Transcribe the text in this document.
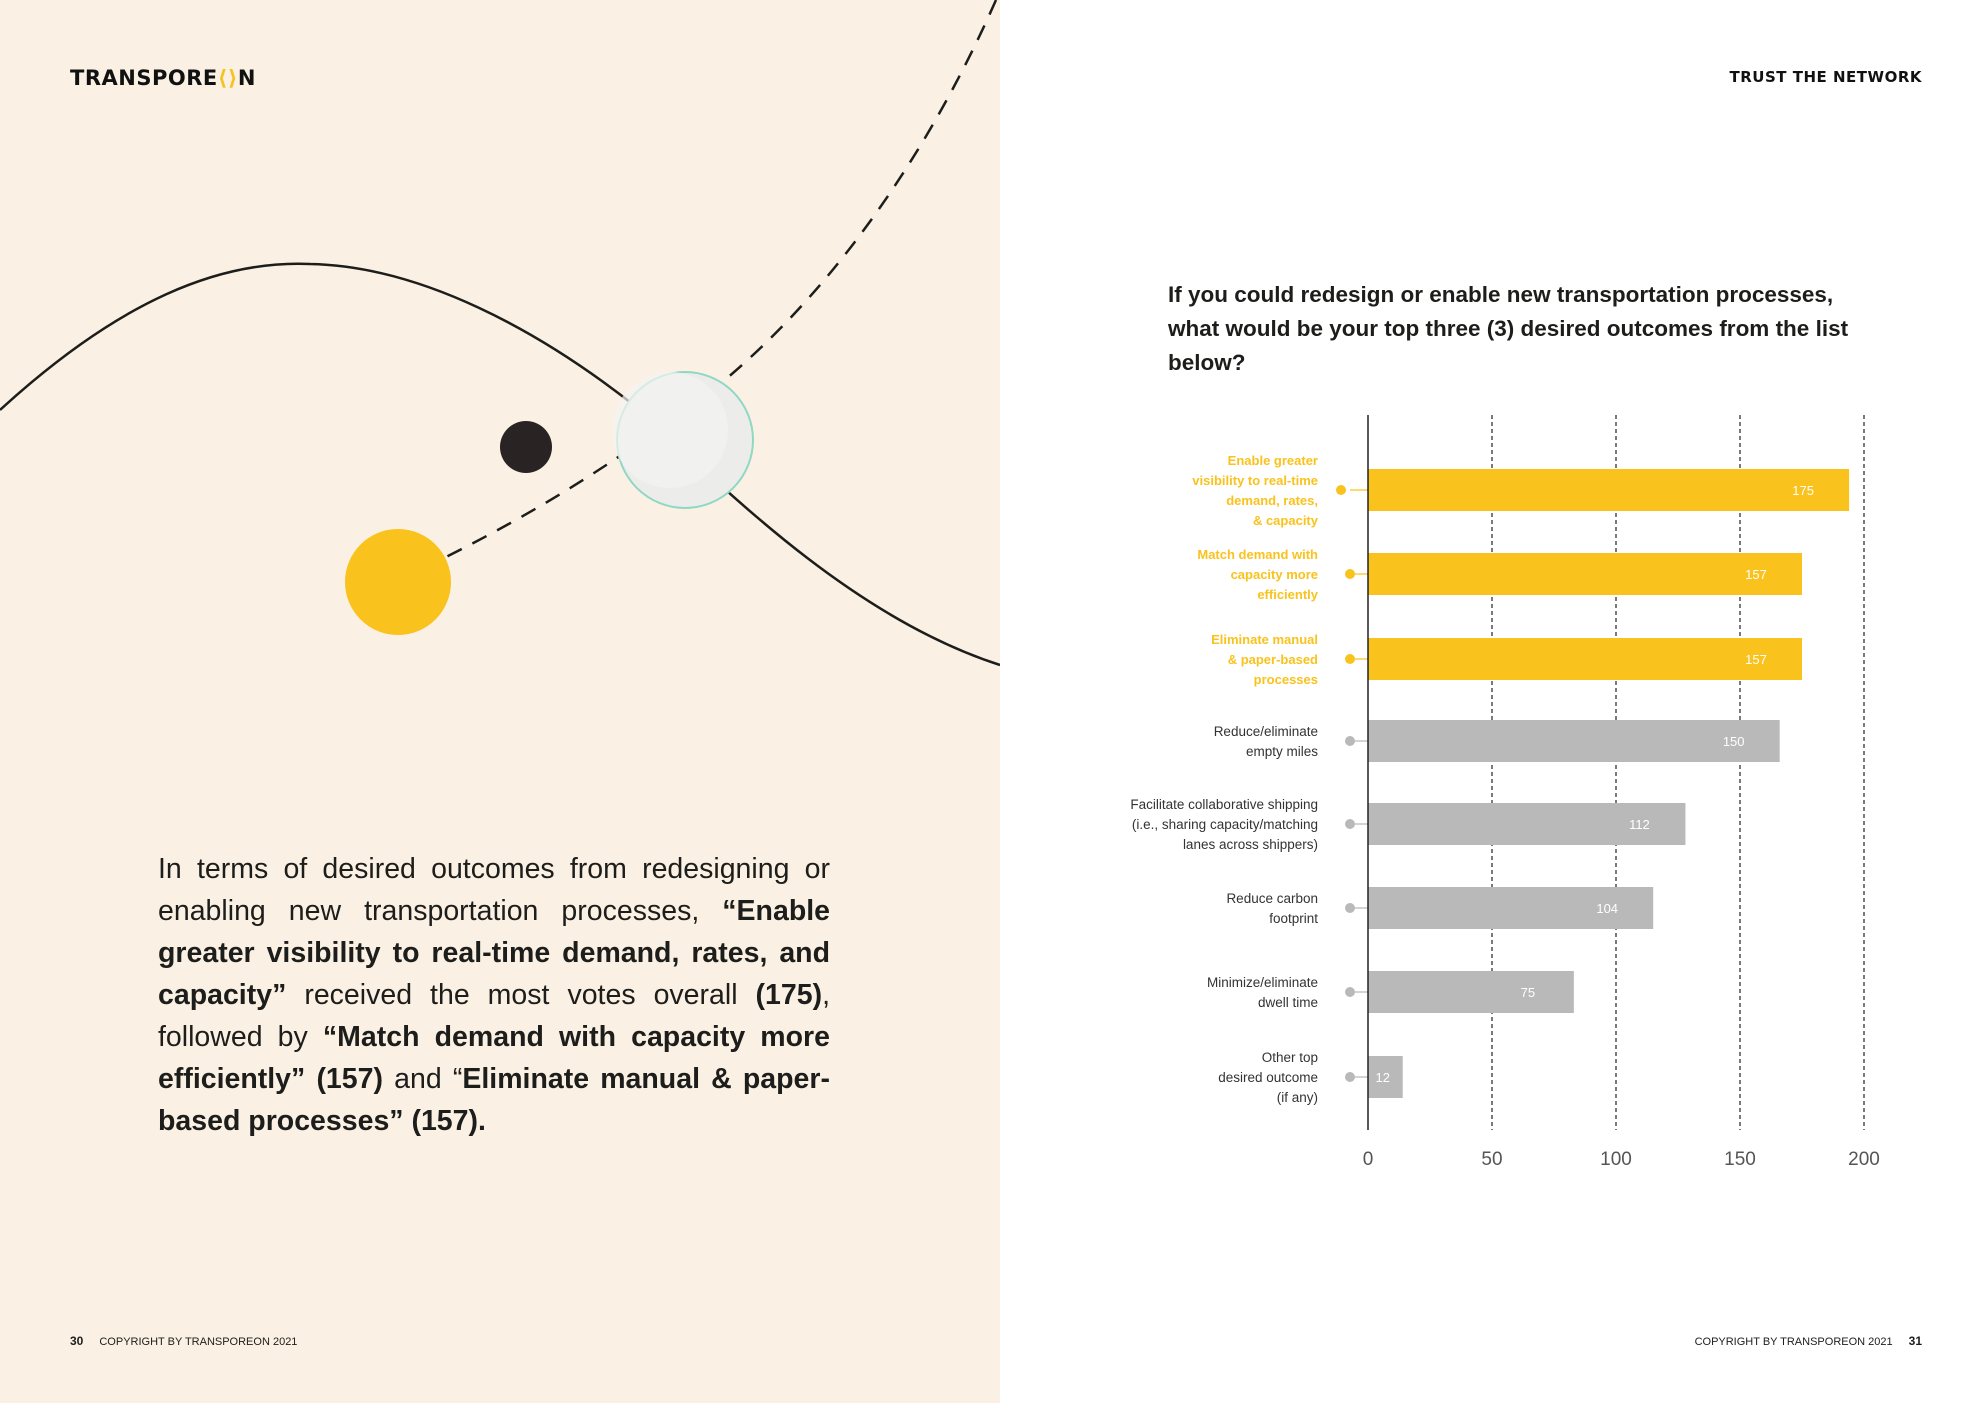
TRANSPORE⟨⟩N
In terms of desired outcomes from redesigning or enabling new transportation processes, “Enable greater visibility to real-time demand, rates, and capacity” received the most votes overall (175), followed by “Match demand with capacity more efficiently” (157) and “Eliminate manual & paper-based processes” (157).
30 COPYRIGHT BY TRANSPOREON 2021
TRUST THE NETWORK
If you could redesign or enable new transportation processes, what would be your top three (3) desired outcomes from the list below?
175
Enable greater visibility to real-time demand, rates, & capacity
157
Match demand with capacity more efficiently
157
Eliminate manual & paper-based processes
150
Reduce/eliminate empty miles
112
Facilitate collaborative shipping (i.e., sharing capacity/matching lanes across shippers)
104
Reduce carbon footprint
75
Minimize/eliminate dwell time
12
Other top desired outcome (if any)
0	50	100	150	200
COPYRIGHT BY TRANSPOREON 2021 31
